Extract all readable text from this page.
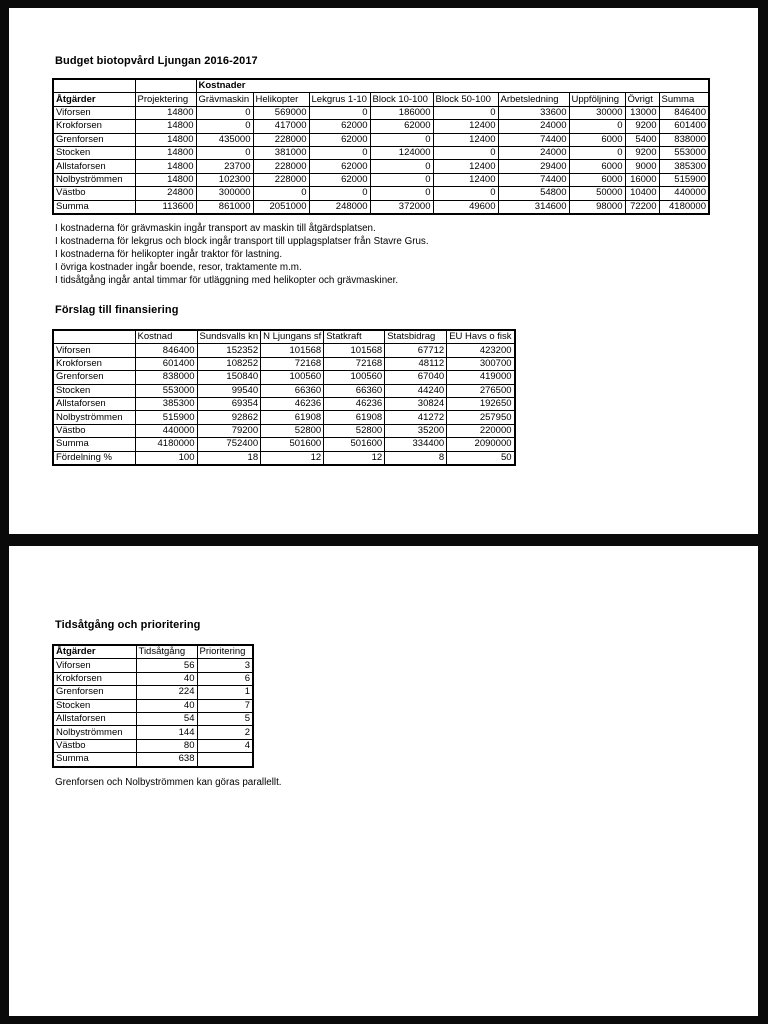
Budget biotopvård Ljungan 2016-2017
		Kostnader								
Åtgärder	Projektering	Grävmaskin	Helikopter	Lekgrus 1-10	Block 10-100	Block 50-100	Arbetsledning	Uppföljning	Övrigt	Summa
Viforsen	14800	0	569000	0	186000	0	33600	30000	13000	846400
Krokforsen	14800	0	417000	62000	62000	12400	24000	0	9200	601400
Grenforsen	14800	435000	228000	62000	0	12400	74400	6000	5400	838000
Stocken	14800	0	381000	0	124000	0	24000	0	9200	553000
Allstaforsen	14800	23700	228000	62000	0	12400	29400	6000	9000	385300
Nolbyströmmen	14800	102300	228000	62000	0	12400	74400	6000	16000	515900
Västbo	24800	300000	0	0	0	0	54800	50000	10400	440000
Summa	113600	861000	2051000	248000	372000	49600	314600	98000	72200	4180000
I kostnaderna för grävmaskin ingår transport av maskin till åtgärdsplatsen.
I kostnaderna för lekgrus och block ingår transport till upplagsplatser från Stavre Grus.
I kostnaderna för helikopter ingår traktor för lastning.
I övriga kostnader ingår boende, resor, traktamente m.m.
I tidsåtgång ingår antal timmar för utläggning med helikopter och grävmaskiner.
Förslag till finansiering
	Kostnad	Sundsvalls kn	N Ljungans sf	Statkraft	Statsbidrag	EU Havs o fisk
Viforsen	846400	152352	101568	101568	67712	423200
Krokforsen	601400	108252	72168	72168	48112	300700
Grenforsen	838000	150840	100560	100560	67040	419000
Stocken	553000	99540	66360	66360	44240	276500
Allstaforsen	385300	69354	46236	46236	30824	192650
Nolbyströmmen	515900	92862	61908	61908	41272	257950
Västbo	440000	79200	52800	52800	35200	220000
Summa	4180000	752400	501600	501600	334400	2090000
Fördelning %	100	18	12	12	8	50
Tidsåtgång och prioritering
Åtgärder	Tidsåtgång	Prioritering
Viforsen	56	3
Krokforsen	40	6
Grenforsen	224	1
Stocken	40	7
Allstaforsen	54	5
Nolbyströmmen	144	2
Västbo	80	4
Summa	638	
Grenforsen och Nolbyströmmen kan göras parallellt.
